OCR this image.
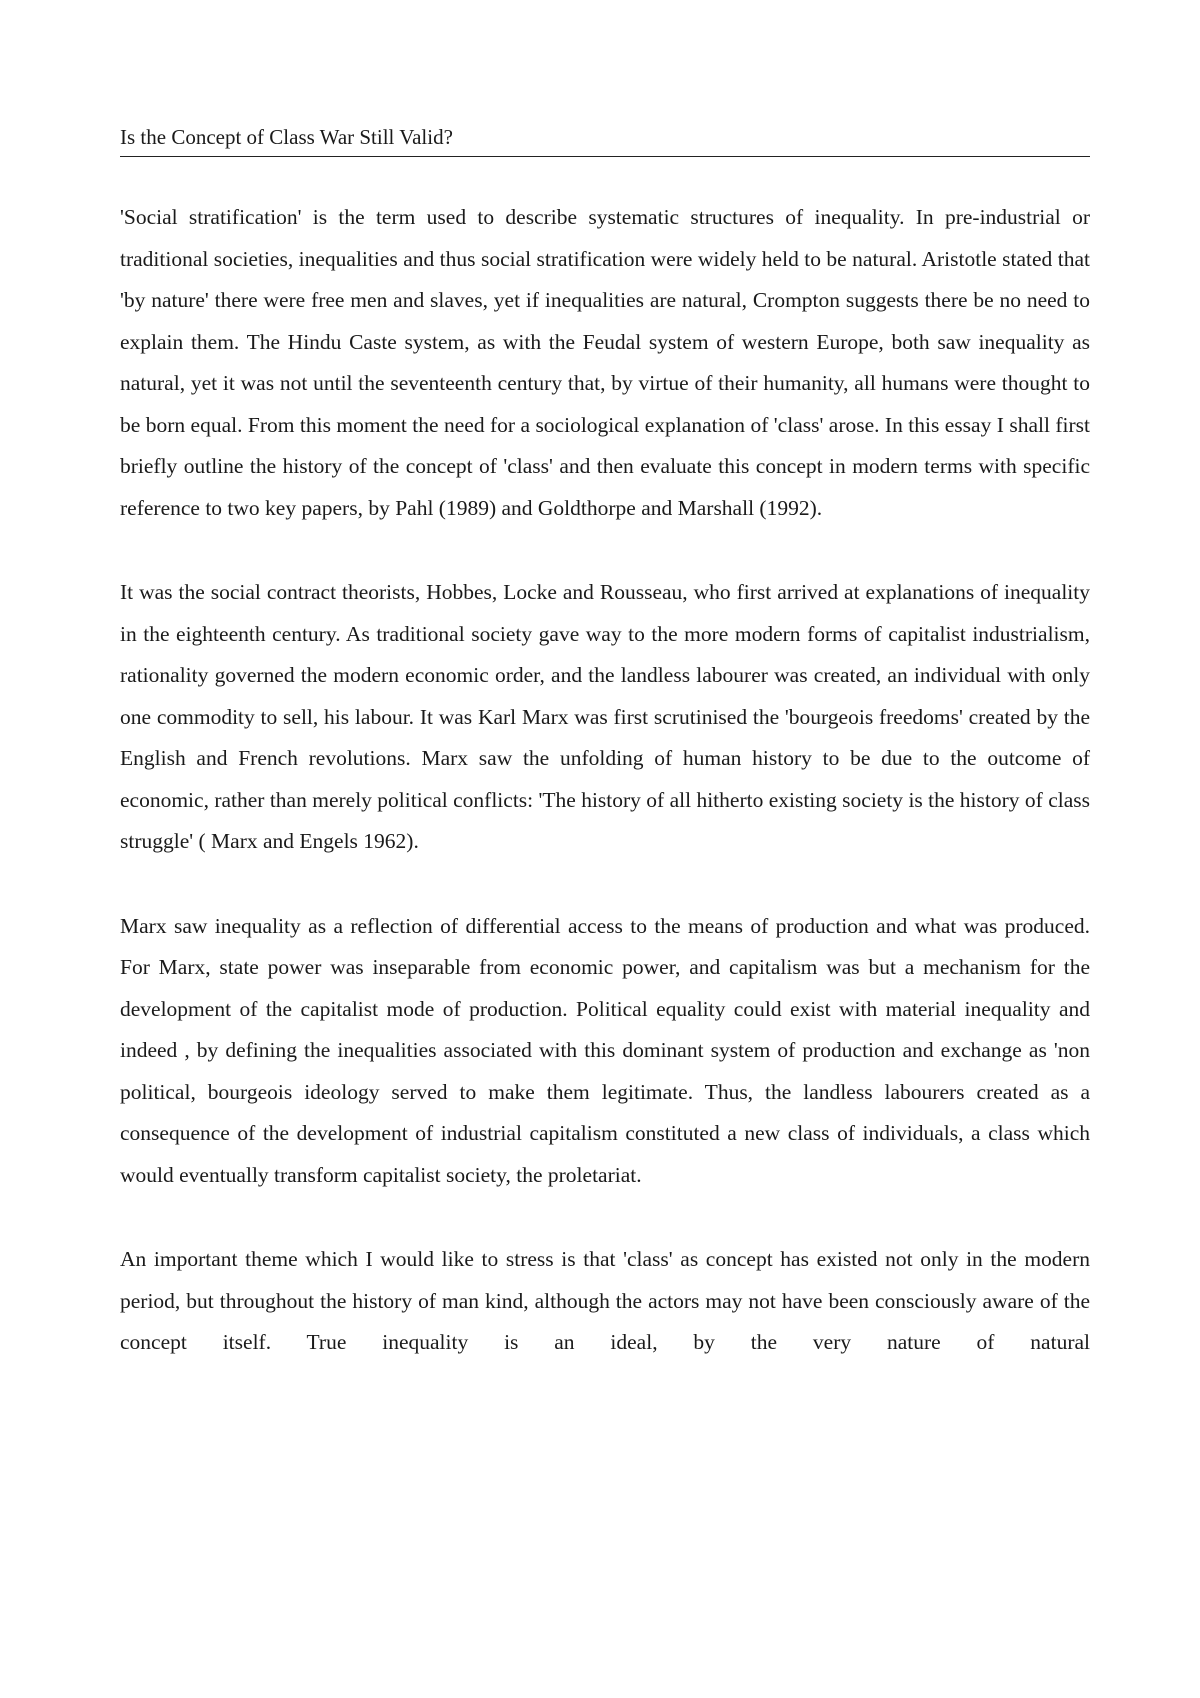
Is the Concept of Class War Still Valid?

'Social stratification' is the term used to describe systematic structures of inequality. In pre-industrial or traditional societies, inequalities and thus social stratification were widely held to be natural. Aristotle stated that 'by nature' there were free men and slaves, yet if inequalities are natural, Crompton suggests there be no need to explain them. The Hindu Caste system, as with the Feudal system of western Europe, both saw inequality as natural, yet it was not until the seventeenth century that, by virtue of their humanity, all humans were thought to be born equal. From this moment the need for a sociological explanation of 'class' arose. In this essay I shall first briefly outline the history of the concept of 'class' and then evaluate this concept in modern terms with specific reference to two key papers, by Pahl (1989) and Goldthorpe and Marshall (1992).

It was the social contract theorists, Hobbes, Locke and Rousseau, who first arrived at explanations of inequality in the eighteenth century. As traditional society gave way to the more modern forms of capitalist industrialism, rationality governed the modern economic order, and the landless labourer was created, an individual with only one commodity to sell, his labour. It was Karl Marx was first scrutinised the 'bourgeois freedoms' created by the English and French revolutions. Marx saw the unfolding of human history to be due to the outcome of economic, rather than merely political conflicts: 'The history of all hitherto existing society is the history of class struggle' ( Marx and Engels 1962).

Marx saw inequality as a reflection of differential access to the means of production and what was produced. For Marx, state power was inseparable from economic power, and capitalism was but a mechanism for the development of the capitalist mode of production. Political equality could exist with material inequality and indeed , by defining the inequalities associated with this dominant system of production and exchange as 'non political, bourgeois ideology served to make them legitimate. Thus, the landless labourers created as a consequence of the development of industrial capitalism constituted a new class of individuals, a class which would eventually transform capitalist society, the proletariat.

An important theme which I would like to stress is that 'class' as concept has existed not only in the modern period, but throughout the history of man kind, although the actors may not have been consciously aware of the concept itself. True inequality is an ideal, by the very nature of natural
